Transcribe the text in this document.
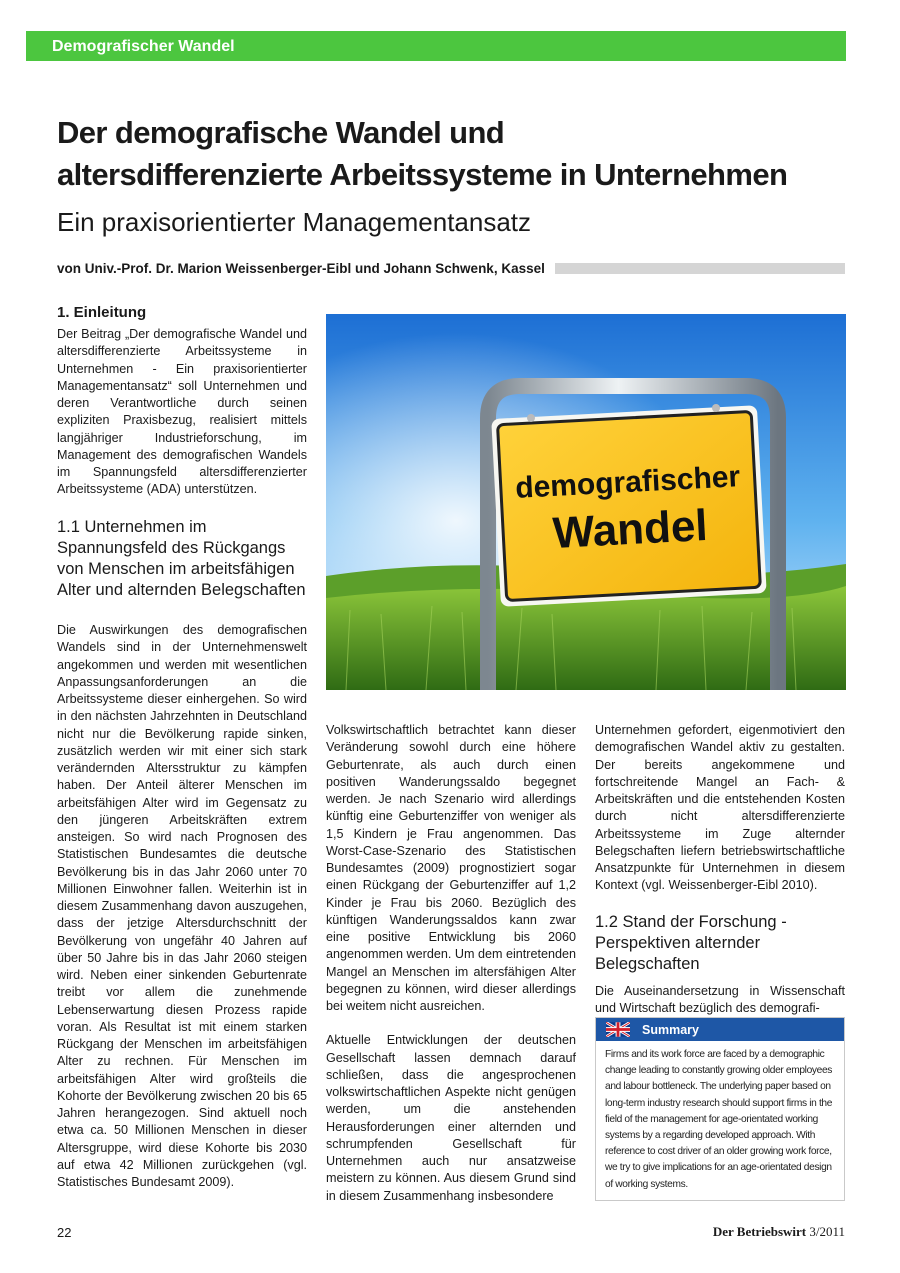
Demografischer Wandel
Der demografische Wandel und
altersdifferenzierte Arbeitssysteme in Unternehmen
Ein praxisorientierter Managementansatz
von Univ.-Prof. Dr. Marion Weissenberger-Eibl und Johann Schwenk, Kassel
1. Einleitung

Der Beitrag „Der demografische Wandel und altersdifferenzierte Arbeitssysteme in Unternehmen - Ein praxisorientierter Managementansatz“ soll Unternehmen und deren Verantwortliche durch seinen expliziten Praxisbezug, realisiert mittels langjähriger Industrieforschung, im Management des demografischen Wandels im Spannungsfeld altersdifferenzierter Arbeitssysteme (ADA) unterstützen.

1.1 Unternehmen im Spannungsfeld des Rückgangs von Menschen im arbeitsfähigen Alter und alternden Belegschaften

Die Auswirkungen des demografischen Wandels sind in der Unternehmenswelt angekommen und werden mit wesentlichen Anpassungsanforderungen an die Arbeitssysteme dieser einhergehen. So wird in den nächsten Jahrzehnten in Deutschland nicht nur die Bevölkerung rapide sinken, zusätzlich werden wir mit einer sich stark verändernden Altersstruktur zu kämpfen haben. Der Anteil älterer Menschen im arbeitsfähigen Alter wird im Gegensatz zu den jüngeren Arbeitskräften extrem ansteigen. So wird nach Prognosen des Statistischen Bundesamtes die deutsche Bevölkerung bis in das Jahr 2060 unter 70 Millionen Einwohner fallen. Weiterhin ist in diesem Zusammenhang davon auszugehen, dass der jetzige Altersdurchschnitt der Bevölkerung von ungefähr 40 Jahren auf über 50 Jahre bis in das Jahr 2060 steigen wird. Neben einer sinkenden Geburtenrate treibt vor allem die zunehmende Lebenserwartung diesen Prozess rapide voran. Als Resultat ist mit einem starken Rückgang der Menschen im arbeitsfähigen Alter zu rechnen. Für Menschen im arbeitsfähigen Alter wird großteils die Kohorte der Bevölkerung zwischen 20 bis 65 Jahren herangezogen. Sind aktuell noch etwa ca. 50 Millionen Menschen in dieser Altersgruppe, wird diese Kohorte bis 2030 auf etwa 42 Millionen zurückgehen (vgl. Statistisches Bundesamt 2009).

demografischer
Wandel

Volkswirtschaftlich betrachtet kann dieser Veränderung sowohl durch eine höhere Geburtenrate, als auch durch einen positiven Wanderungssaldo begegnet werden. Je nach Szenario wird allerdings künftig eine Geburtenziffer von weniger als 1,5 Kindern je Frau angenommen. Das Worst-Case-Szenario des Statistischen Bundesamtes (2009) prognostiziert sogar einen Rückgang der Geburtenziffer auf 1,2 Kinder je Frau bis 2060. Bezüglich des künftigen Wanderungssaldos kann zwar eine positive Entwicklung bis 2060 angenommen werden. Um dem eintretenden Mangel an Menschen im altersfähigen Alter begegnen zu können, wird dieser allerdings bei weitem nicht ausreichen.

Aktuelle Entwicklungen der deutschen Gesellschaft lassen demnach darauf schließen, dass die angesprochenen volkswirtschaftlichen Aspekte nicht genügen werden, um die anstehenden Herausforderungen einer alternden und schrumpfenden Gesellschaft für Unternehmen auch nur ansatzweise meistern zu können. Aus diesem Grund sind in diesem Zusammenhang insbesondere

Unternehmen gefordert, eigenmotiviert den demografischen Wandel aktiv zu gestalten. Der bereits angekommene und fortschreitende Mangel an Fach- & Arbeitskräften und die entstehenden Kosten durch nicht altersdifferenzierte Arbeitssysteme im Zuge alternder Belegschaften liefern betriebswirtschaftliche Ansatzpunkte für Unternehmen in diesem Kontext (vgl. Weissenberger-Eibl 2010).

1.2 Stand der Forschung - Perspektiven alternder Belegschaften

Die Auseinandersetzung in Wissenschaft und Wirtschaft bezüglich des demografi-

Summary

Firms and its work force are faced by a demographic change leading to constantly growing older employees and labour bottleneck. The underlying paper based on long-term industry research should support firms in the field of the management for age-orientated working systems by a regarding developed approach. With reference to cost driver of an older growing work force, we try to give implications for an age-orientated design of working systems.

22	Der Betriebswirt 3/2011
